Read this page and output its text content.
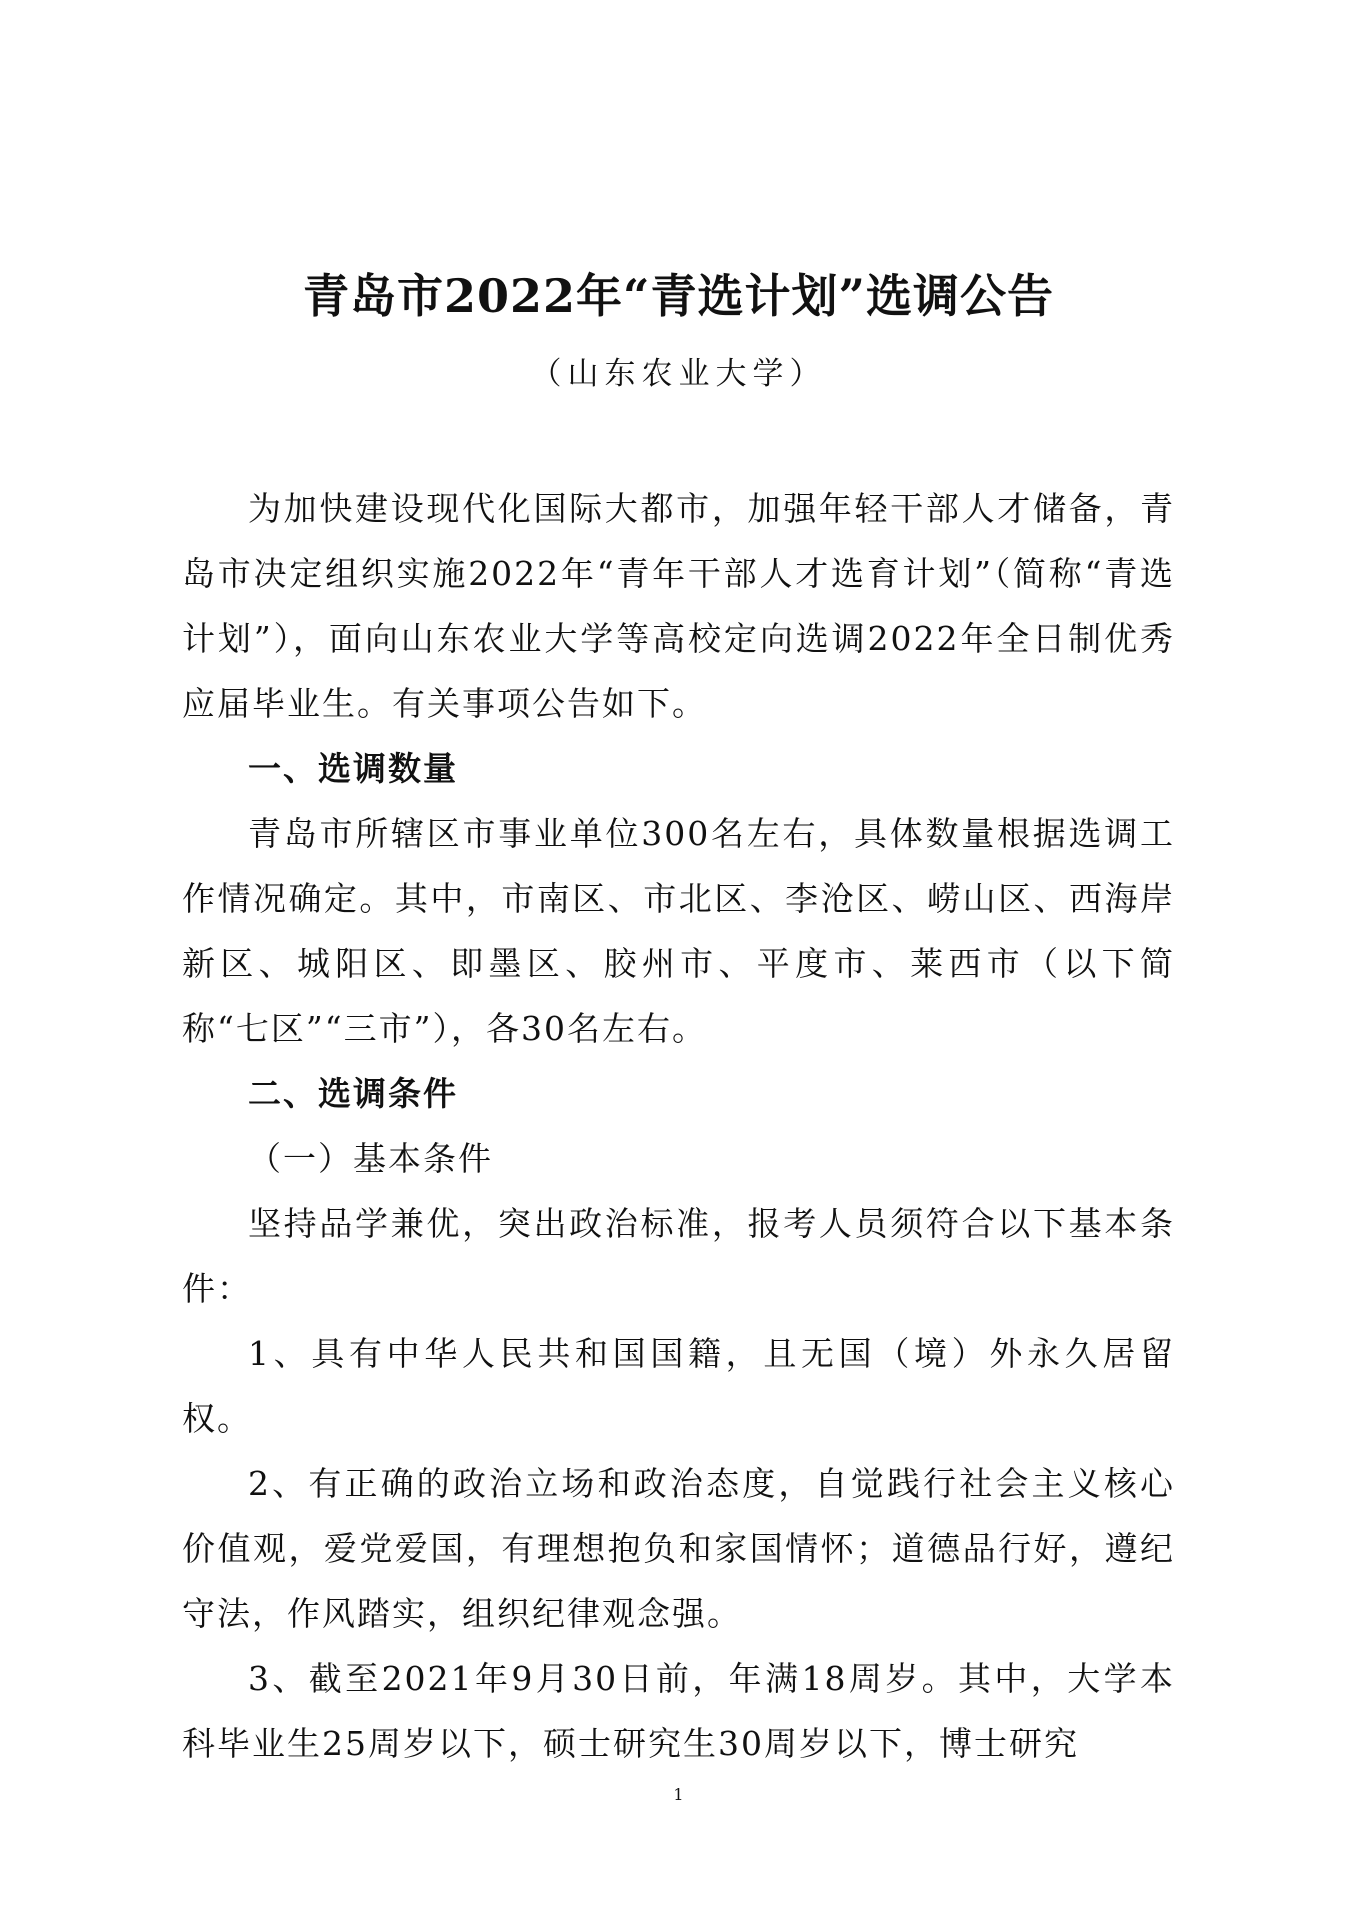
青岛市2022年“青选计划”选调公告
（山东农业大学）

为加快建设现代化国际大都市，加强年轻干部人才储备，青岛市决定组织实施2022年“青年干部人才选育计划”（简称“青选计划”），面向山东农业大学等高校定向选调2022年全日制优秀应届毕业生。有关事项公告如下。

一、选调数量

青岛市所辖区市事业单位300名左右，具体数量根据选调工作情况确定。其中，市南区、市北区、李沧区、崂山区、西海岸新区、城阳区、即墨区、胶州市、平度市、莱西市（以下简称“七区”“三市”），各30名左右。

二、选调条件

（一）基本条件

坚持品学兼优，突出政治标准，报考人员须符合以下基本条件：

1、具有中华人民共和国国籍，且无国（境）外永久居留权。

2、有正确的政治立场和政治态度，自觉践行社会主义核心价值观，爱党爱国，有理想抱负和家国情怀；道德品行好，遵纪守法，作风踏实，组织纪律观念强。

3、截至2021年9月30日前，年满18周岁。其中，大学本科毕业生25周岁以下，硕士研究生30周岁以下，博士研究

1
